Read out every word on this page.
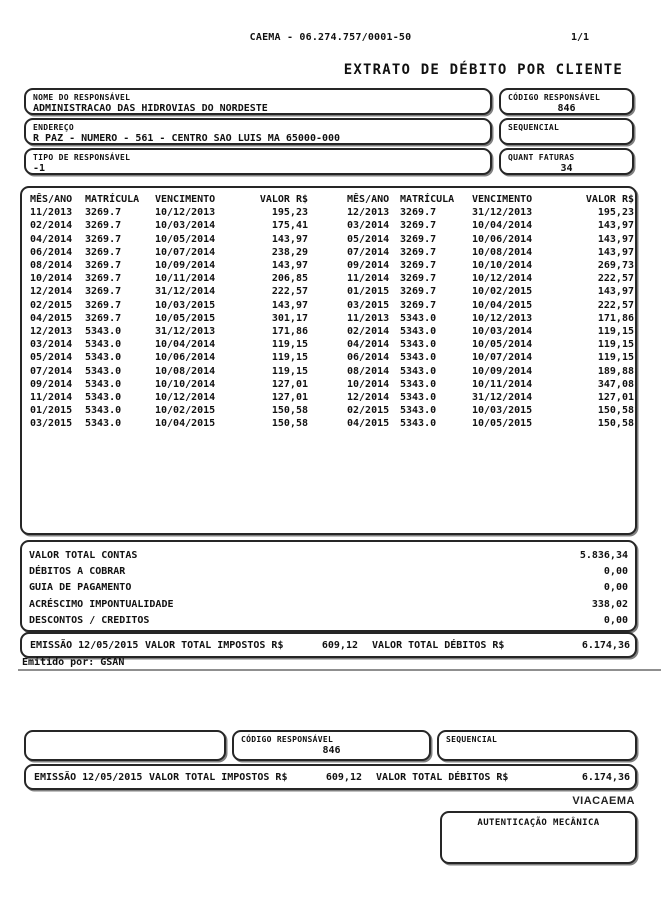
CAEMA - 06.274.757/0001-50	1/1
EXTRATO DE DÉBITO POR CLIENTE
NOME DO RESPONSÁVEL
ADMINISTRACAO DAS HIDROVIAS DO NORDESTE
CÓDIGO RESPONSÁVEL
846
ENDEREÇO
R PAZ - NUMERO - 561 - CENTRO SAO LUIS MA 65000-000
SEQUENCIAL
TIPO DE RESPONSÁVEL
-1
QUANT FATURAS
34
MÊS/ANO	MATRÍCULA	VENCIMENTO	VALOR R$
11/2013	3269.7	10/12/2013	195,23
02/2014	3269.7	10/03/2014	175,41
04/2014	3269.7	10/05/2014	143,97
06/2014	3269.7	10/07/2014	238,29
08/2014	3269.7	10/09/2014	143,97
10/2014	3269.7	10/11/2014	206,85
12/2014	3269.7	31/12/2014	222,57
02/2015	3269.7	10/03/2015	143,97
04/2015	3269.7	10/05/2015	301,17
12/2013	5343.0	31/12/2013	171,86
03/2014	5343.0	10/04/2014	119,15
05/2014	5343.0	10/06/2014	119,15
07/2014	5343.0	10/08/2014	119,15
09/2014	5343.0	10/10/2014	127,01
11/2014	5343.0	10/12/2014	127,01
01/2015	5343.0	10/02/2015	150,58
03/2015	5343.0	10/04/2015	150,58
MÊS/ANO	MATRÍCULA	VENCIMENTO	VALOR R$
12/2013	3269.7	31/12/2013	195,23
03/2014	3269.7	10/04/2014	143,97
05/2014	3269.7	10/06/2014	143,97
07/2014	3269.7	10/08/2014	143,97
09/2014	3269.7	10/10/2014	269,73
11/2014	3269.7	10/12/2014	222,57
01/2015	3269.7	10/02/2015	143,97
03/2015	3269.7	10/04/2015	222,57
11/2013	5343.0	10/12/2013	171,86
02/2014	5343.0	10/03/2014	119,15
04/2014	5343.0	10/05/2014	119,15
06/2014	5343.0	10/07/2014	119,15
08/2014	5343.0	10/09/2014	189,88
10/2014	5343.0	10/11/2014	347,08
12/2014	5343.0	31/12/2014	127,01
02/2015	5343.0	10/03/2015	150,58
04/2015	5343.0	10/05/2015	150,58
VALOR TOTAL CONTAS	5.836,34
DÉBITOS A COBRAR	0,00
GUIA DE PAGAMENTO	0,00
ACRÉSCIMO IMPONTUALIDADE	338,02
DESCONTOS / CREDITOS	0,00
EMISSÃO 12/05/2015 VALOR TOTAL IMPOSTOS R$	609,12 VALOR TOTAL DÉBITOS R$	6.174,36
Emitido por: GSAN
CÓDIGO RESPONSÁVEL
846
SEQUENCIAL
EMISSÃO 12/05/2015 VALOR TOTAL IMPOSTOS R$	609,12 VALOR TOTAL DÉBITOS R$	6.174,36
VIACAEMA
AUTENTICAÇÃO MECÂNICA
